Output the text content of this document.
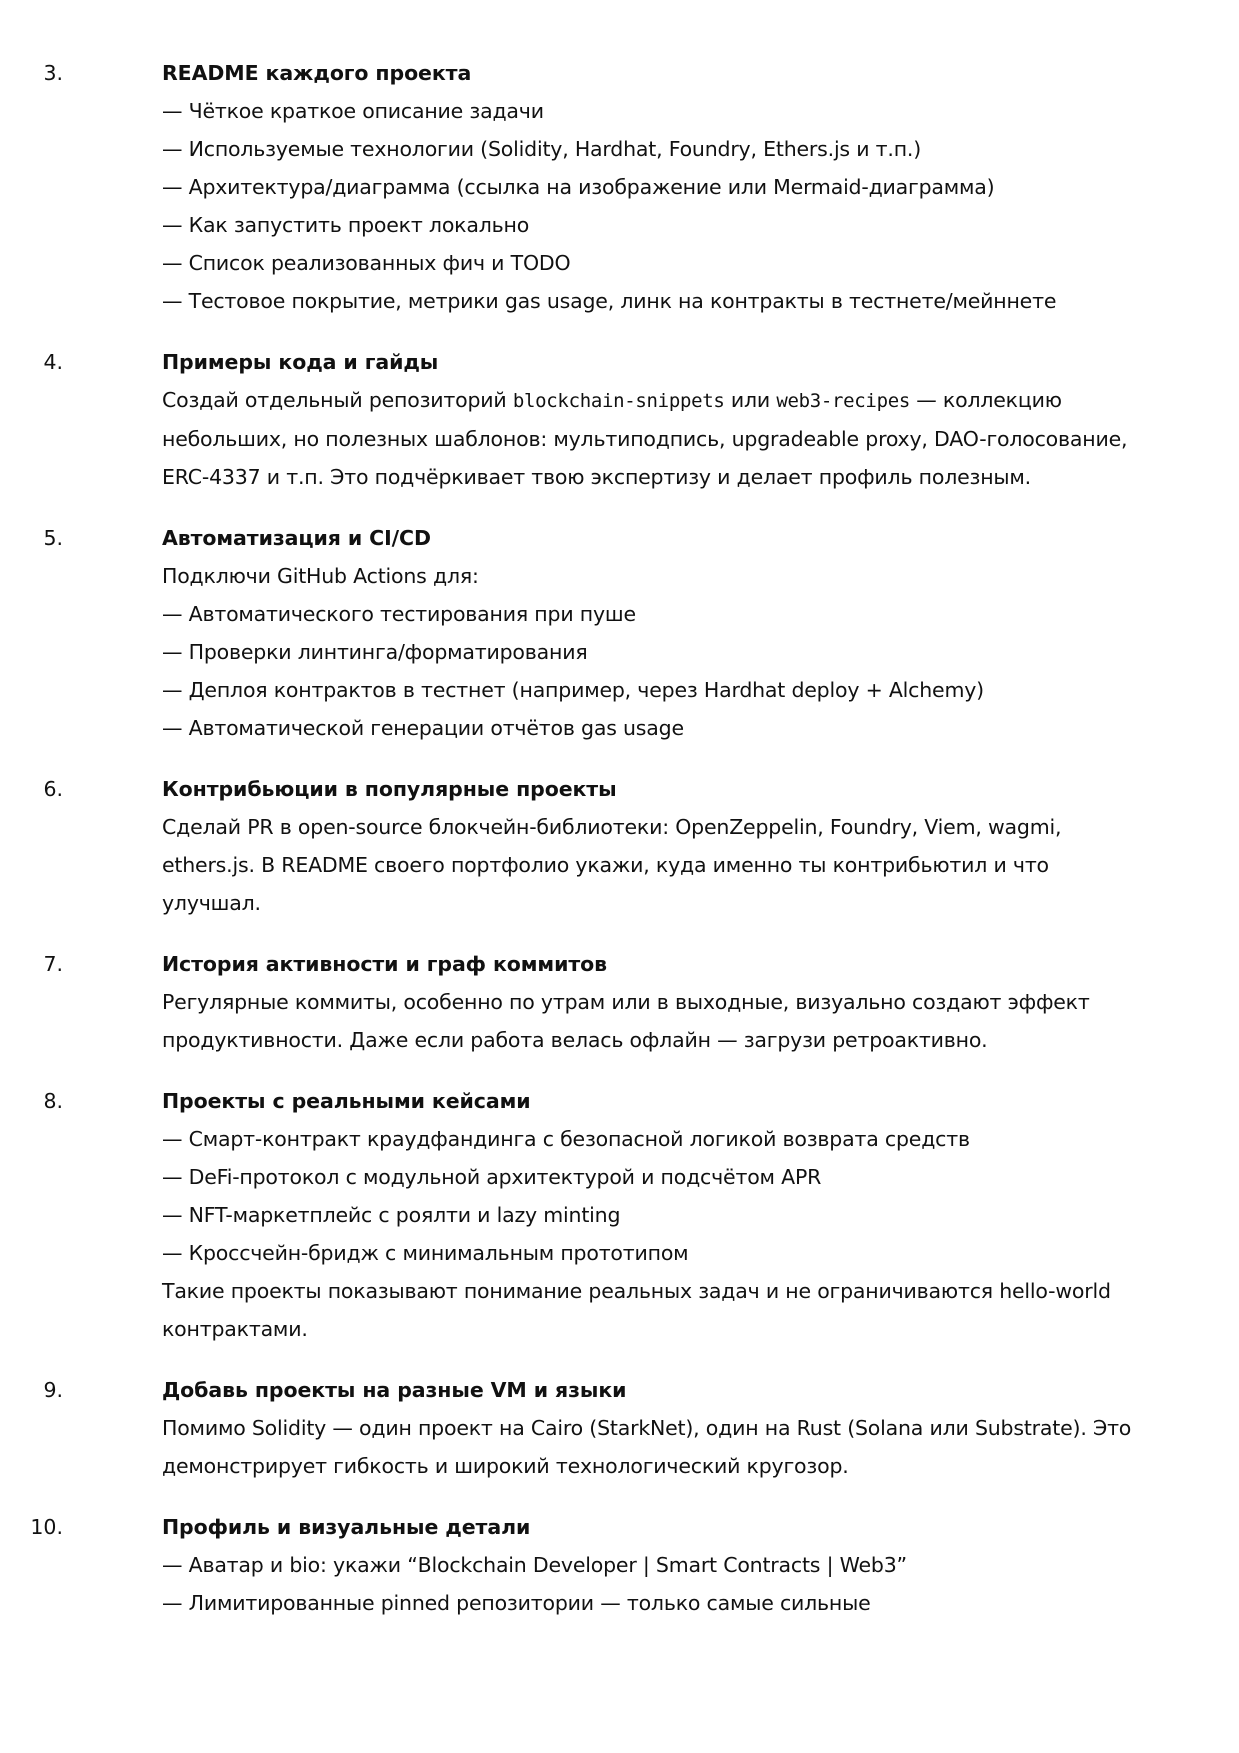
3.	README каждого проекта
— Чёткое краткое описание задачи
— Используемые технологии (Solidity, Hardhat, Foundry, Ethers.js и т.п.)
— Архитектура/диаграмма (ссылка на изображение или Mermaid-диаграмма)
— Как запустить проект локально
— Список реализованных фич и TODO
— Тестовое покрытие, метрики gas usage, линк на контракты в тестнете/мейннете
4.	Примеры кода и гайды
Создай отдельный репозиторий blockchain-snippets или web3-recipes — коллекцию небольших, но полезных шаблонов: мультиподпись, upgradeable proxy, DAO-голосование, ERC-4337 и т.п. Это подчёркивает твою экспертизу и делает профиль полезным.
5.	Автоматизация и CI/CD
Подключи GitHub Actions для:
— Автоматического тестирования при пуше
— Проверки линтинга/форматирования
— Деплоя контрактов в тестнет (например, через Hardhat deploy + Alchemy)
— Автоматической генерации отчётов gas usage
6.	Контрибьюции в популярные проекты
Сделай PR в open-source блокчейн-библиотеки: OpenZeppelin, Foundry, Viem, wagmi, ethers.js. В README своего портфолио укажи, куда именно ты контрибьютил и что улучшал.
7.	История активности и граф коммитов
Регулярные коммиты, особенно по утрам или в выходные, визуально создают эффект продуктивности. Даже если работа велась офлайн — загрузи ретроактивно.
8.	Проекты с реальными кейсами
— Смарт-контракт краудфандинга с безопасной логикой возврата средств
— DeFi-протокол с модульной архитектурой и подсчётом APR
— NFT-маркетплейс с роялти и lazy minting
— Кроссчейн-бридж с минимальным прототипом
Такие проекты показывают понимание реальных задач и не ограничиваются hello-world контрактами.
9.	Добавь проекты на разные VM и языки
Помимо Solidity — один проект на Cairo (StarkNet), один на Rust (Solana или Substrate). Это демонстрирует гибкость и широкий технологический кругозор.
10.	Профиль и визуальные детали
— Аватар и bio: укажи “Blockchain Developer | Smart Contracts | Web3”
— Лимитированные pinned репозитории — только самые сильные
